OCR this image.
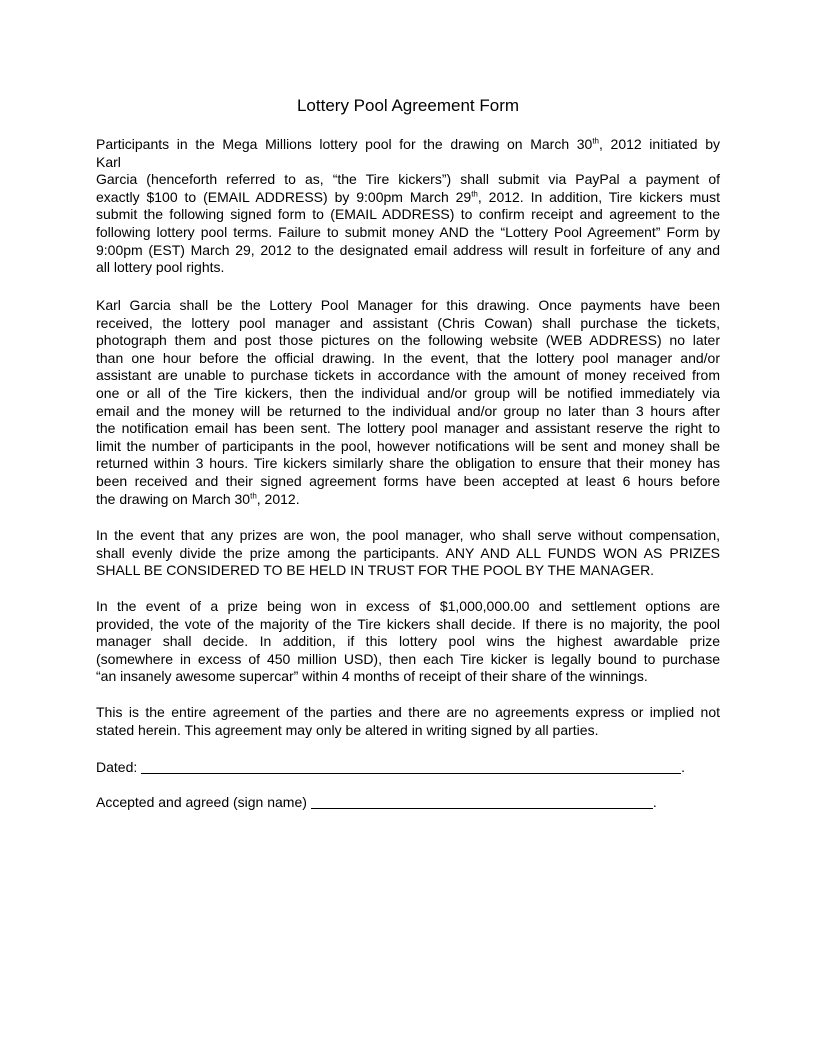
Lottery Pool Agreement Form
Participants in the Mega Millions lottery pool for the drawing on March 30th, 2012 initiated by
Karl
Garcia (henceforth referred to as, “the Tire kickers”) shall submit via PayPal a payment of
exactly $100 to (EMAIL ADDRESS) by 9:00pm March 29th, 2012. In addition, Tire kickers must
submit the following signed form to (EMAIL ADDRESS) to confirm receipt and agreement to the
following lottery pool terms. Failure to submit money AND the “Lottery Pool Agreement” Form by
9:00pm (EST) March 29, 2012 to the designated email address will result in forfeiture of any and
all lottery pool rights.
Karl Garcia shall be the Lottery Pool Manager for this drawing. Once payments have been
received, the lottery pool manager and assistant (Chris Cowan) shall purchase the tickets,
photograph them and post those pictures on the following website (WEB ADDRESS) no later
than one hour before the official drawing. In the event, that the lottery pool manager and/or
assistant are unable to purchase tickets in accordance with the amount of money received from
one or all of the Tire kickers, then the individual and/or group will be notified immediately via
email and the money will be returned to the individual and/or group no later than 3 hours after
the notification email has been sent. The lottery pool manager and assistant reserve the right to
limit the number of participants in the pool, however notifications will be sent and money shall be
returned within 3 hours. Tire kickers similarly share the obligation to ensure that their money has
been received and their signed agreement forms have been accepted at least 6 hours before
the drawing on March 30th, 2012.
In the event that any prizes are won, the pool manager, who shall serve without compensation,
shall evenly divide the prize among the participants. ANY AND ALL FUNDS WON AS PRIZES
SHALL BE CONSIDERED TO BE HELD IN TRUST FOR THE POOL BY THE MANAGER.
In the event of a prize being won in excess of $1,000,000.00 and settlement options are
provided, the vote of the majority of the Tire kickers shall decide. If there is no majority, the pool
manager shall decide. In addition, if this lottery pool wins the highest awardable prize
(somewhere in excess of 450 million USD), then each Tire kicker is legally bound to purchase
“an insanely awesome supercar” within 4 months of receipt of their share of the winnings.
This is the entire agreement of the parties and there are no agreements express or implied not
stated herein. This agreement may only be altered in writing signed by all parties.
Dated:	.
Accepted and agreed (sign name)	.
